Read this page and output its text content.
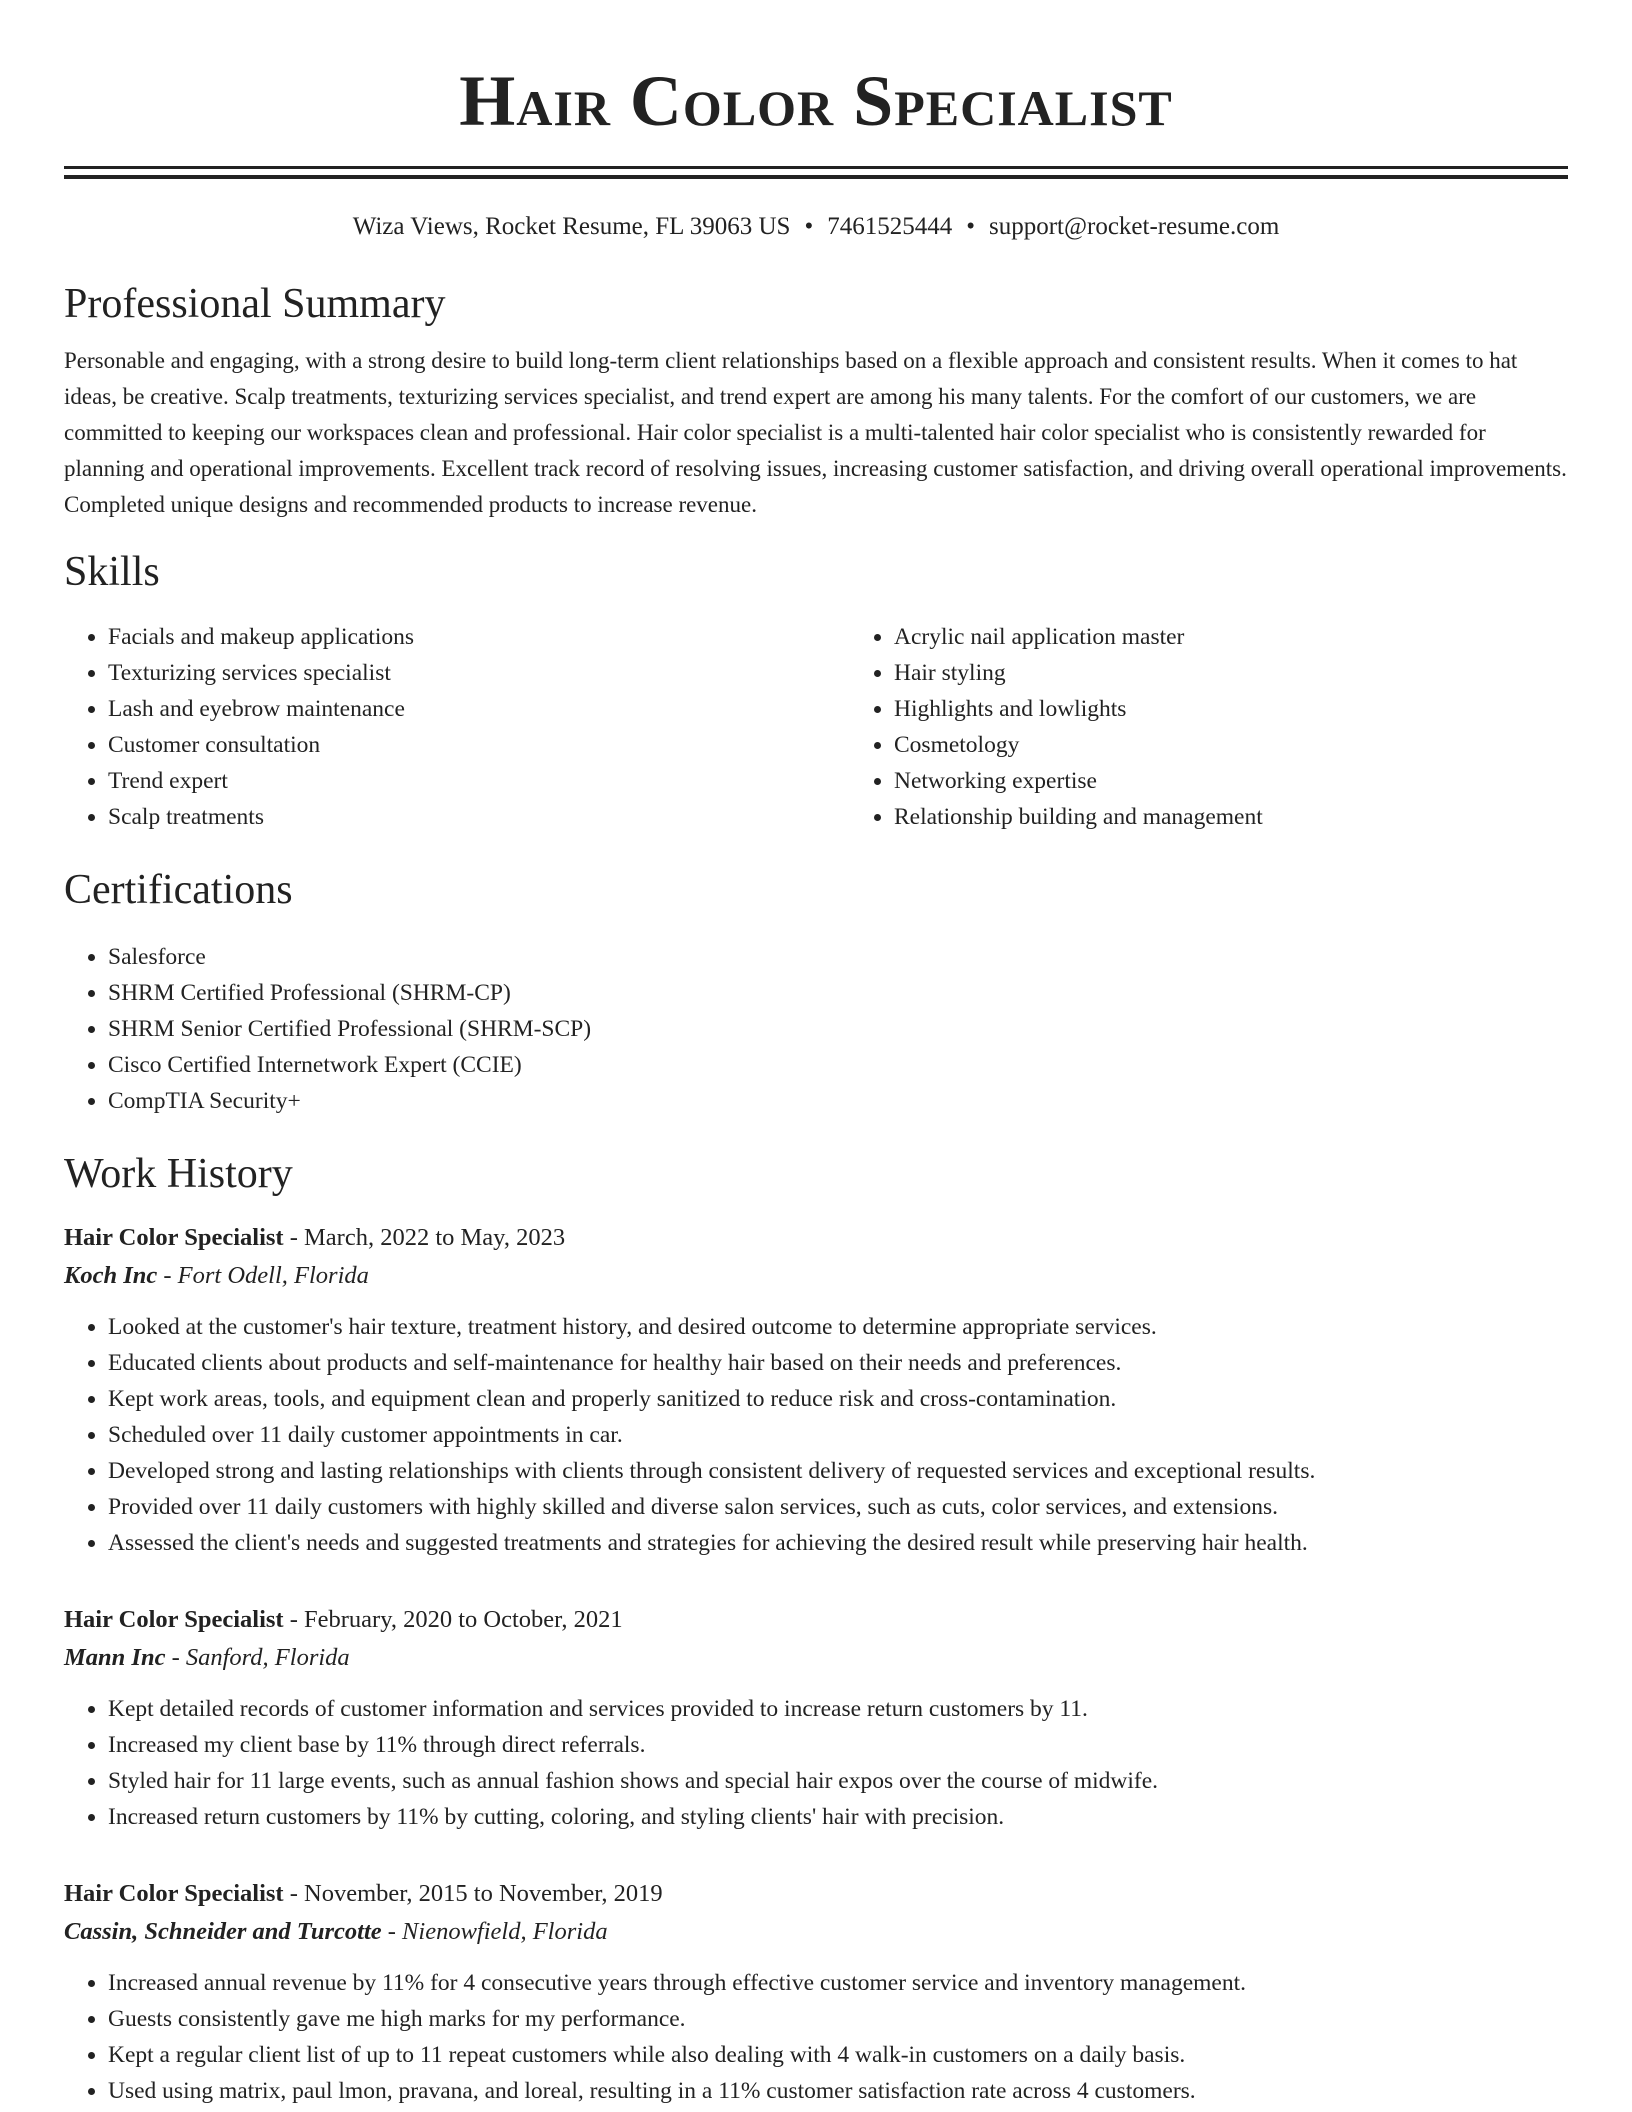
Hair Color Specialist
Wiza Views, Rocket Resume, FL 39063 US • 7461525444 • support@rocket-resume.com
Professional Summary
Personable and engaging, with a strong desire to build long-term client relationships based on a flexible approach and consistent results. When it comes to hat ideas, be creative. Scalp treatments, texturizing services specialist, and trend expert are among his many talents. For the comfort of our customers, we are committed to keeping our workspaces clean and professional. Hair color specialist is a multi-talented hair color specialist who is consistently rewarded for planning and operational improvements. Excellent track record of resolving issues, increasing customer satisfaction, and driving overall operational improvements. Completed unique designs and recommended products to increase revenue.
Skills
• Facials and makeup applications
• Texturizing services specialist
• Lash and eyebrow maintenance
• Customer consultation
• Trend expert
• Scalp treatments
• Acrylic nail application master
• Hair styling
• Highlights and lowlights
• Cosmetology
• Networking expertise
• Relationship building and management
Certifications
• Salesforce
• SHRM Certified Professional (SHRM-CP)
• SHRM Senior Certified Professional (SHRM-SCP)
• Cisco Certified Internetwork Expert (CCIE)
• CompTIA Security+
Work History
Hair Color Specialist - March, 2022 to May, 2023
Koch Inc - Fort Odell, Florida
• Looked at the customer's hair texture, treatment history, and desired outcome to determine appropriate services.
• Educated clients about products and self-maintenance for healthy hair based on their needs and preferences.
• Kept work areas, tools, and equipment clean and properly sanitized to reduce risk and cross-contamination.
• Scheduled over 11 daily customer appointments in car.
• Developed strong and lasting relationships with clients through consistent delivery of requested services and exceptional results.
• Provided over 11 daily customers with highly skilled and diverse salon services, such as cuts, color services, and extensions.
• Assessed the client's needs and suggested treatments and strategies for achieving the desired result while preserving hair health.
Hair Color Specialist - February, 2020 to October, 2021
Mann Inc - Sanford, Florida
• Kept detailed records of customer information and services provided to increase return customers by 11.
• Increased my client base by 11% through direct referrals.
• Styled hair for 11 large events, such as annual fashion shows and special hair expos over the course of midwife.
• Increased return customers by 11% by cutting, coloring, and styling clients' hair with precision.
Hair Color Specialist - November, 2015 to November, 2019
Cassin, Schneider and Turcotte - Nienowfield, Florida
• Increased annual revenue by 11% for 4 consecutive years through effective customer service and inventory management.
• Guests consistently gave me high marks for my performance.
• Kept a regular client list of up to 11 repeat customers while also dealing with 4 walk-in customers on a daily basis.
• Used using matrix, paul lmon, pravana, and loreal, resulting in a 11% customer satisfaction rate across 4 customers.
